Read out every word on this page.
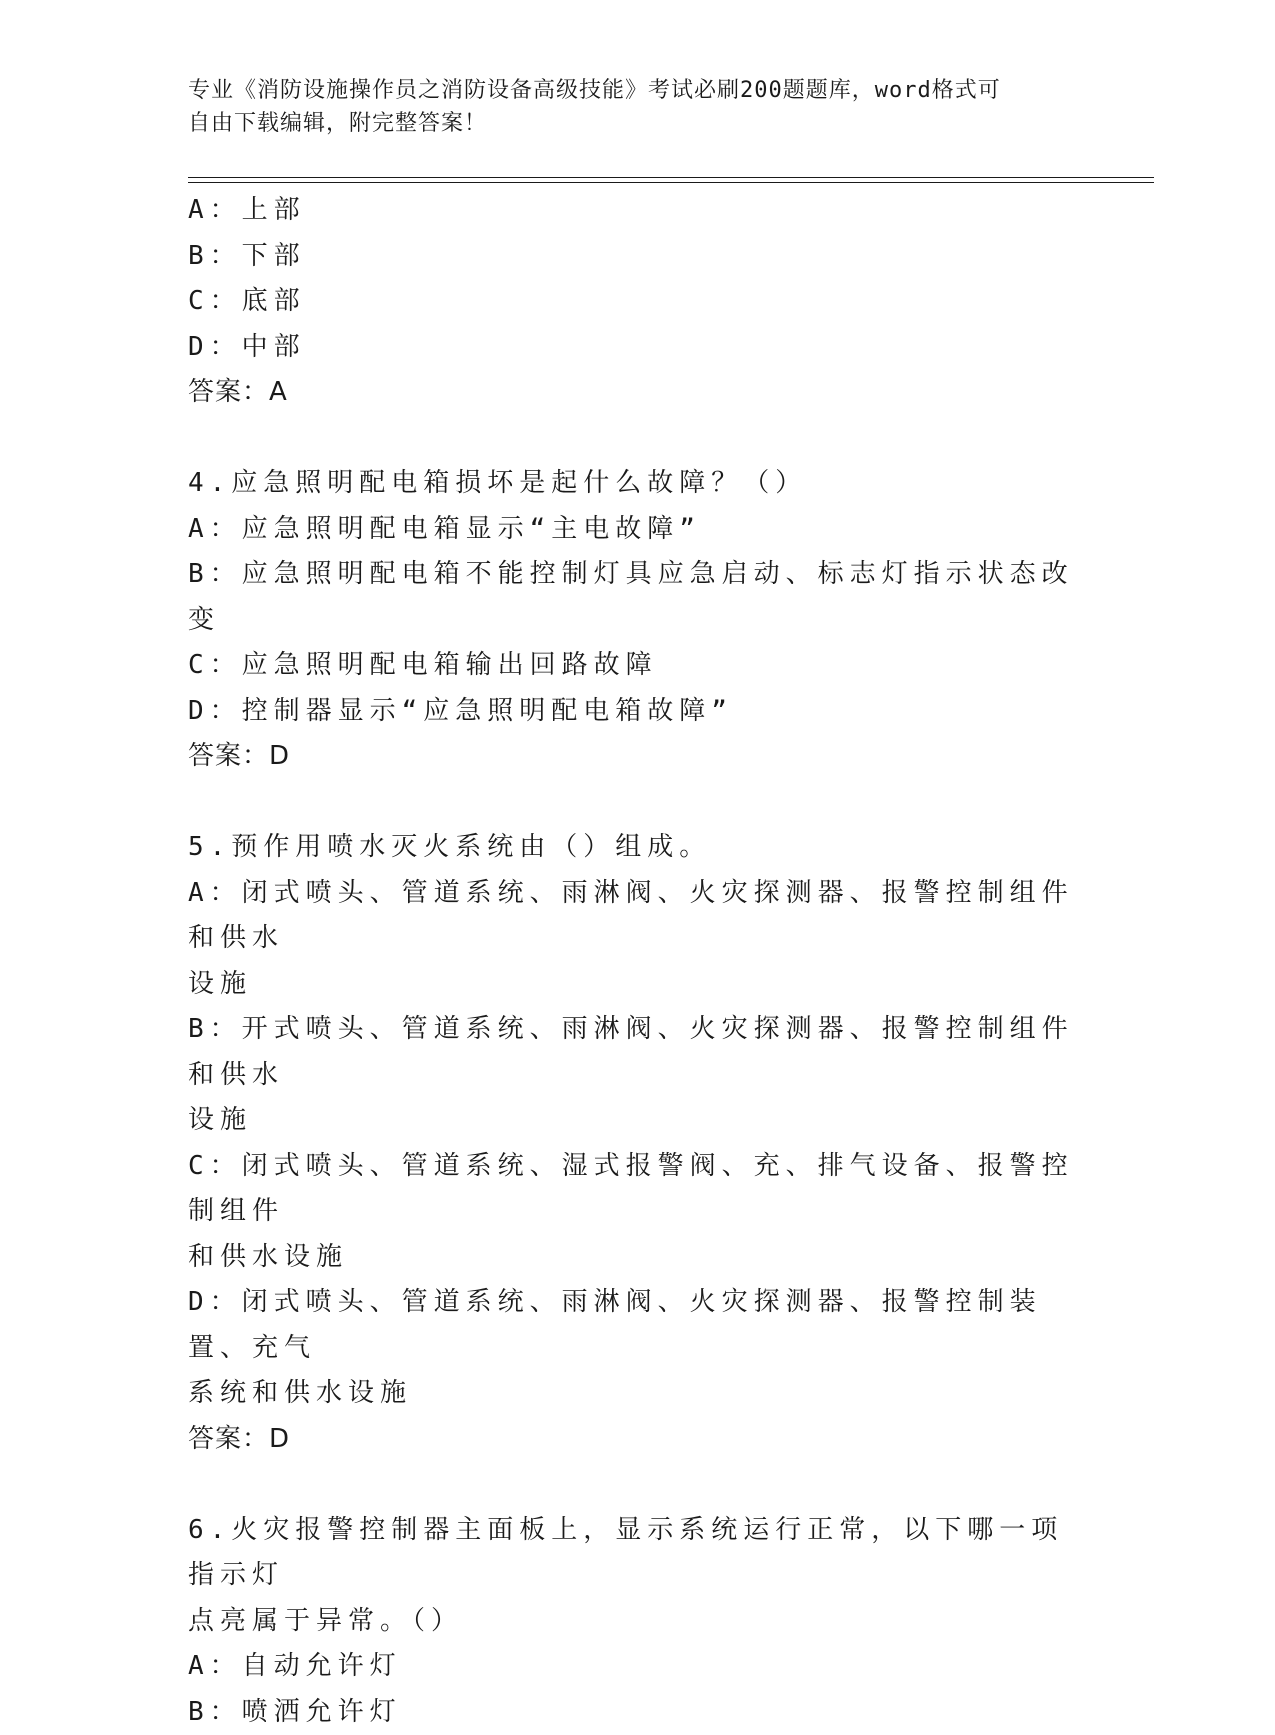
专业《消防设施操作员之消防设备高级技能》考试必刷200题题库，word格式可
自由下载编辑，附完整答案！
A：上部
B：下部
C：底部
D：中部
答案：A
4.应急照明配电箱损坏是起什么故障？（）
A：应急照明配电箱显示“主电故障”
B：应急照明配电箱不能控制灯具应急启动、标志灯指示状态改变
C：应急照明配电箱输出回路故障
D：控制器显示“应急照明配电箱故障”
答案：D
5.预作用喷水灭火系统由（）组成。
A：闭式喷头、管道系统、雨淋阀、火灾探测器、报警控制组件和供水
设施
B：开式喷头、管道系统、雨淋阀、火灾探测器、报警控制组件和供水
设施
C：闭式喷头、管道系统、湿式报警阀、充、排气设备、报警控制组件
和供水设施
D：闭式喷头、管道系统、雨淋阀、火灾探测器、报警控制装置、充气
系统和供水设施
答案：D
6.火灾报警控制器主面板上，显示系统运行正常，以下哪一项指示灯
点亮属于异常。（）
A：自动允许灯
B：喷洒允许灯
